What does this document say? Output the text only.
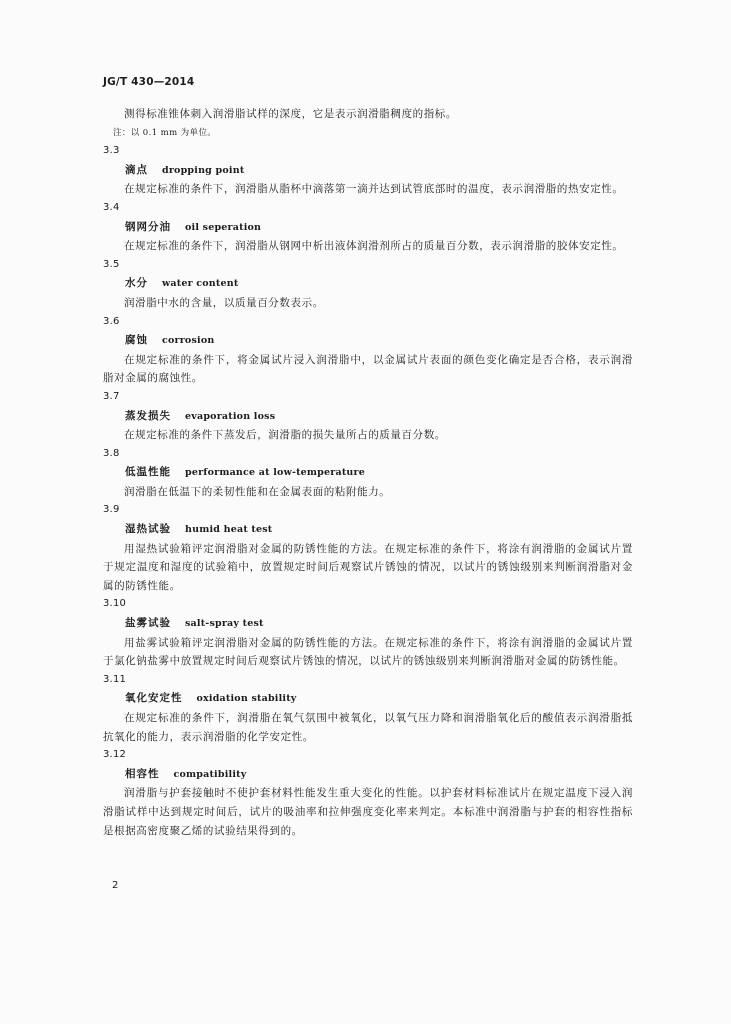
JG/T 430—2014

测得标准锥体刺入润滑脂试样的深度，它是表示润滑脂稠度的指标。

注：以 0.1 mm 为单位。

3.3

滴点 dropping point

在规定标准的条件下，润滑脂从脂杯中滴落第一滴并达到试管底部时的温度，表示润滑脂的热安定性。

3.4

钢网分油 oil seperation

在规定标准的条件下，润滑脂从钢网中析出液体润滑剂所占的质量百分数，表示润滑脂的胶体安定性。

3.5

水分 water content

润滑脂中水的含量，以质量百分数表示。

3.6

腐蚀 corrosion

在规定标准的条件下，将金属试片浸入润滑脂中，以金属试片表面的颜色变化确定是否合格，表示润滑脂对金属的腐蚀性。

3.7

蒸发损失 evaporation loss

在规定标准的条件下蒸发后，润滑脂的损失量所占的质量百分数。

3.8

低温性能 performance at low-temperature

润滑脂在低温下的柔韧性能和在金属表面的粘附能力。

3.9

湿热试验 humid heat test

用湿热试验箱评定润滑脂对金属的防锈性能的方法。在规定标准的条件下，将涂有润滑脂的金属试片置于规定温度和湿度的试验箱中，放置规定时间后观察试片锈蚀的情况，以试片的锈蚀级别来判断润滑脂对金属的防锈性能。

3.10

盐雾试验 salt-spray test

用盐雾试验箱评定润滑脂对金属的防锈性能的方法。在规定标准的条件下，将涂有润滑脂的金属试片置于氯化钠盐雾中放置规定时间后观察试片锈蚀的情况，以试片的锈蚀级别来判断润滑脂对金属的防锈性能。

3.11

氧化安定性 oxidation stability

在规定标准的条件下，润滑脂在氧气氛围中被氧化，以氧气压力降和润滑脂氧化后的酸值表示润滑脂抵抗氧化的能力，表示润滑脂的化学安定性。

3.12

相容性 compatibility

润滑脂与护套接触时不使护套材料性能发生重大变化的性能。以护套材料标准试片在规定温度下浸入润滑脂试样中达到规定时间后，试片的吸油率和拉伸强度变化率来判定。本标准中润滑脂与护套的相容性指标是根据高密度聚乙烯的试验结果得到的。

2
